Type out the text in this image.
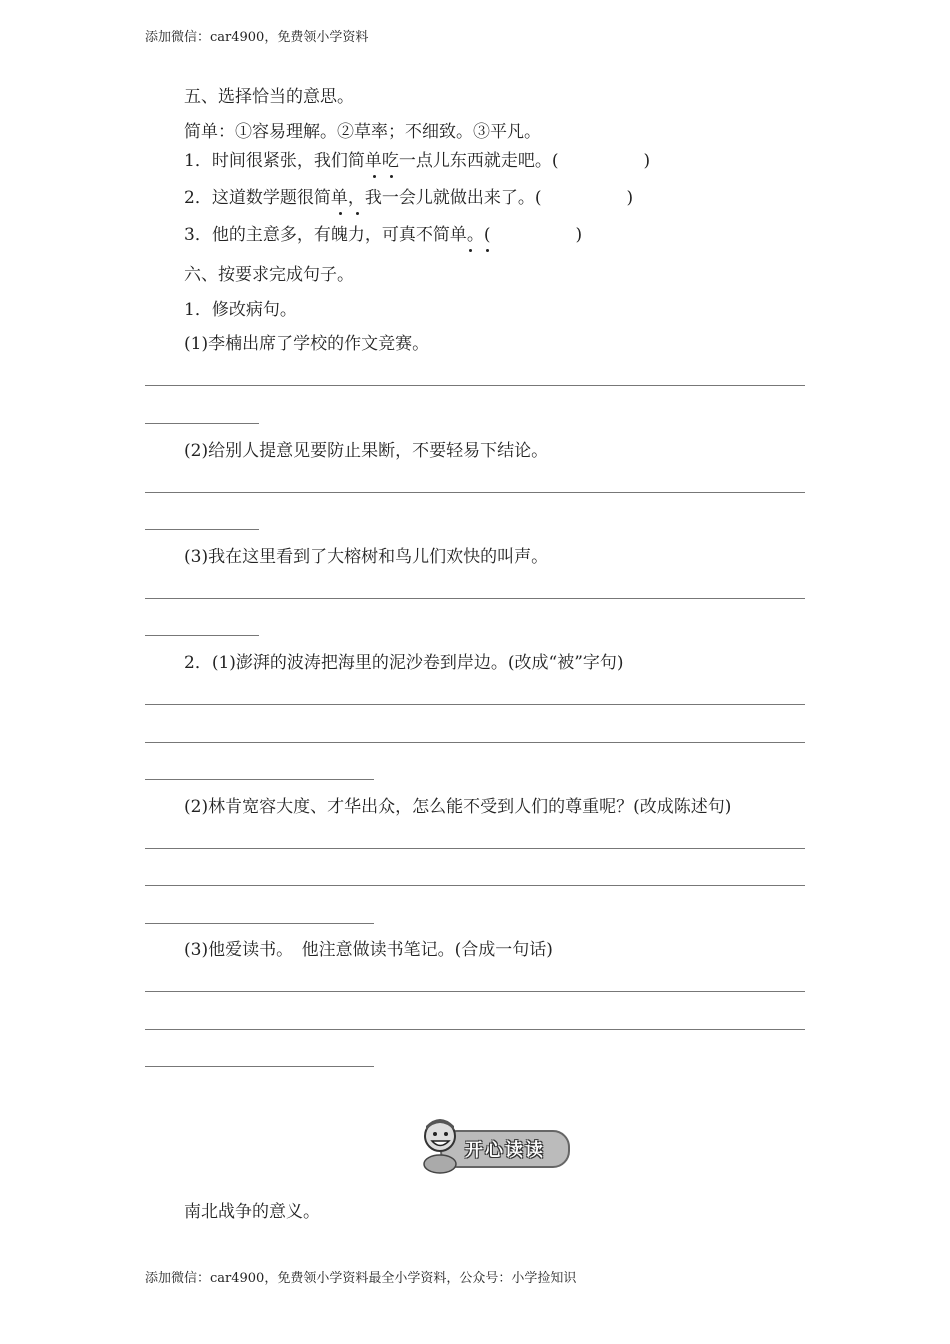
添加微信：car4900，免费领小学资料
五、选择恰当的意思。
简单：①容易理解。②草率；不细致。③平凡。
1．时间很紧张，我们简单吃一点儿东西就走吧。(　　　　　)
2．这道数学题很简单，我一会儿就做出来了。(　　　　　)
3．他的主意多，有魄力，可真不简单。(　　　　　)
六、按要求完成句子。
1．修改病句。
(1)李楠出席了学校的作文竞赛。
(2)给别人提意见要防止果断，不要轻易下结论。
(3)我在这里看到了大榕树和鸟儿们欢快的叫声。
2．(1)澎湃的波涛把海里的泥沙卷到岸边。(改成“被”字句)
(2)林肯宽容大度、才华出众，怎么能不受到人们的尊重呢？(改成陈述句)
(3)他爱读书。　他注意做读书笔记。(合成一句话)
开心读读
南北战争的意义。
添加微信：car4900，免费领小学资料最全小学资料，公众号：小学捡知识
